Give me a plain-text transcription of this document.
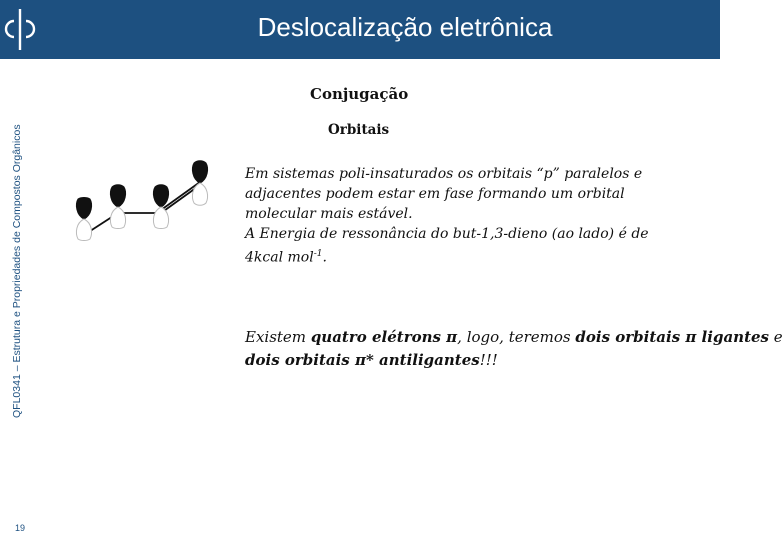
Deslocalização eletrônica
QFL0341 – Estrutura e Propriedades de Compostos Orgânicos
19
Conjugação
Orbitais
Em sistemas poli-insaturados os orbitais “p” paralelos e
adjacentes podem estar em fase formando um orbital
molecular mais estável.
A Energia de ressonância do but-1,3-dieno (ao lado) é de
4kcal mol$^{-1}$.
Existem quatro elétrons π, logo, teremos dois orbitais π ligantes e
dois orbitais π* antiligantes!!!
